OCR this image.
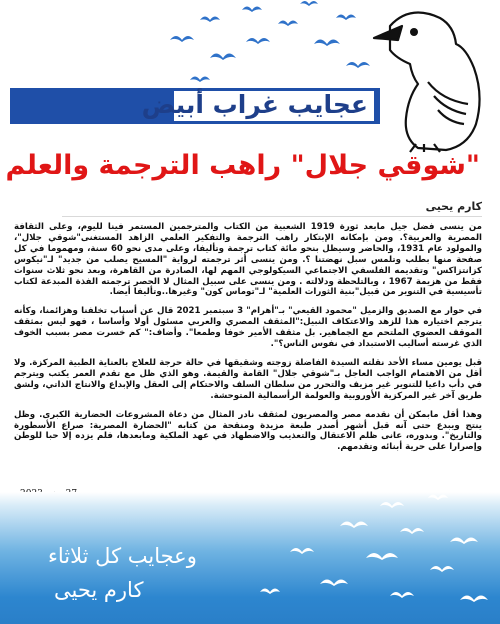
عجايب غراب أبيض
"شوقي جلال" راهب الترجمة والعلم
كارم يحيى

من ينسى فضل جيل مابعد ثورة 1919 الشعبية من الكتاب والمترجمين المستمر فينا لليوم، وعلى الثقافة المصرية والعربية؟. ومن بإمكانه الإبتكار راهب الترجمة والتفكير العلمي الزاهد المستغنى"شوقي جلال"، والمولود عام 1931، والحاضر وسيظل بنحو مائة كتاب ترجمة وتأليفا، وعلى مدى نحو 60 سنة، ومهموما في كل صفحة منها بطلب وتلمس سبل نهضتنا ؟. ومن ينسى أثر ترجمته لرواية "المسيح يصلب من جديد" لـ"نيكوس كزانتزاكس" وتقديمه الفلسفي الاجتماعي السيكولوجي المهم لها، الصادرة من القاهرة، وبعد نحو ثلاث سنوات فقط من هزيمة 1967 ، وبالتلحظة ودلالته . ومن ينسى على سبيل المثال لا الحصر ترجمته الفذة المبدعة لكتاب تأسيسية في التنوير من قبيل"بنية الثورات العلمية" لـ"توماس كون" وغيرها..وتأليفا أيضا.

في حوار مع الصديق والزميل "محمود القيعي" بـ"أهرام" 3 سبتمبر 2021 قال عن أسباب تخلفنا وهزائمنا، وكأنه يترجم اختياره هذا للزهد والاعتكاف النبيل:"المثقف المصري والعربي مسئول أولا وأساسا ، فهو ليس بمثقف الموقف العضوي الملتحم مع الجماهير. بل مثقف الأمير خوفا وطمعا". وأضاف:" كم خسرت مصر بسبب الخوف الذي غرسته أساليب الاستبداد في نفوس الناس؟".

قبل يومين مساء الأحد نقلته السيدة الفاضلة زوجته وشقيقها في حالة حرجة للعلاج بالعناية الطبية المركزة. ولا أقل من الاهتمام الواجب العاجل بـ"شوقي جلال" القامة والقيمة. وهو الذي ظل مع تقدم العمر يكتب ويترجم في دأب داعيا للتنوير غير مزيف والتحرر من سلطان السلف والاحتكام إلى العقل والإبداع والانتاج الذاتي، ولشق طريق آخر غير المركزية الأوروبية والعولمة الرأسمالية المتوحشة.

وهذا أقل مابمكن أن نقدمه مصر والمصريون لمثقف نادر المثال من دعاة المشروعات الحضارية الكبرى. وظل ينتج ويبدع حتى آنه قبل أشهر أصدر طبعة مزيدة ومنقحة من كتابه "الحضارة المصرية: صراع الأسطورة والتاريخ". وبدوره، عانى ظلم الاعتقال والتعذيب والاضطهاد في عهد الملكية ومابعدها، فلم يزده إلا حبا للوطن وإصرارا على حرية أبنائه وتقدمهم.

وعجايب كل ثلاثاء
كارم يحيى
